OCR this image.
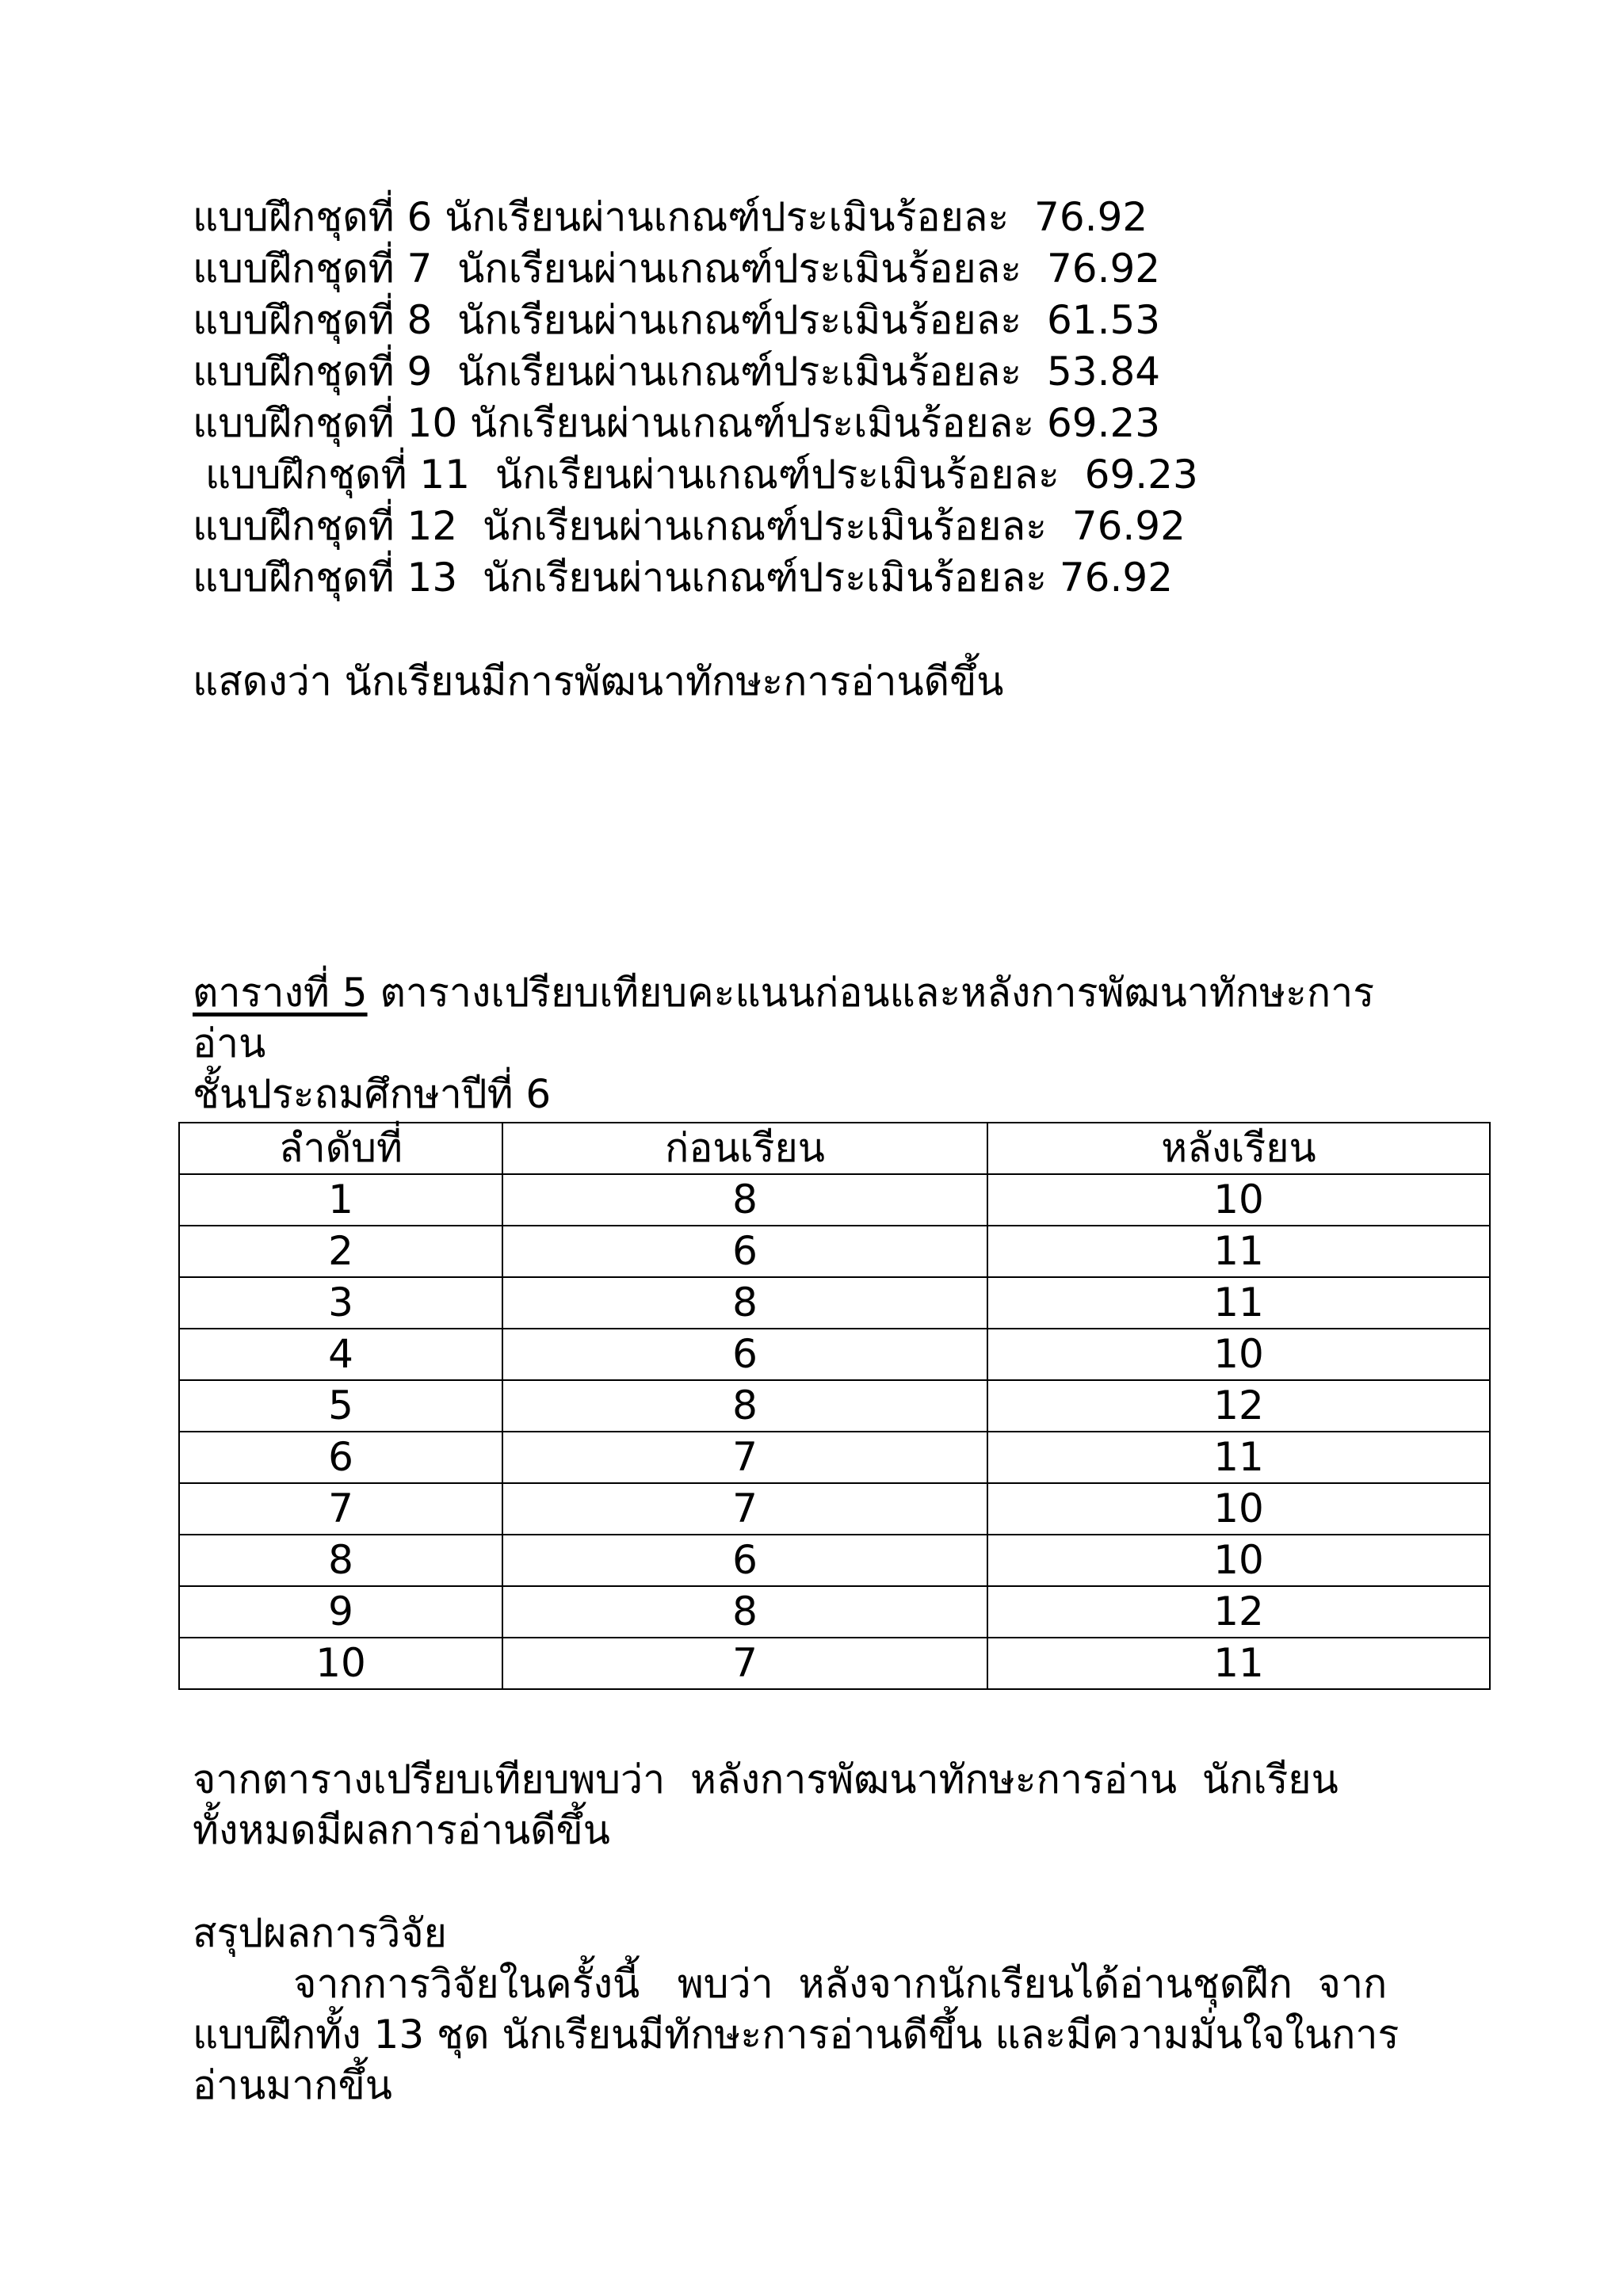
แบบฝึกชุดที่ 6 นักเรียนผ่านเกณฑ์ประเมินร้อยละ  76.92
แบบฝึกชุดที่ 7  นักเรียนผ่านเกณฑ์ประเมินร้อยละ  76.92
แบบฝึกชุดที่ 8  นักเรียนผ่านเกณฑ์ประเมินร้อยละ  61.53
แบบฝึกชุดที่ 9  นักเรียนผ่านเกณฑ์ประเมินร้อยละ  53.84
แบบฝึกชุดที่ 10 นักเรียนผ่านเกณฑ์ประเมินร้อยละ 69.23
แบบฝึกชุดที่ 11  นักเรียนผ่านเกณฑ์ประเมินร้อยละ  69.23
แบบฝึกชุดที่ 12  นักเรียนผ่านเกณฑ์ประเมินร้อยละ  76.92
แบบฝึกชุดที่ 13  นักเรียนผ่านเกณฑ์ประเมินร้อยละ 76.92
แสดงว่า นักเรียนมีการพัฒนาทักษะการอ่านดีขึ้น
ตารางที่ 5 ตารางเปรียบเทียบคะแนนก่อนและหลังการพัฒนาทักษะการ
อ่าน
ชั้นประถมศึกษาปีที่ 6
ลำดับที่	ก่อนเรียน	หลังเรียน
1	8	10
2	6	11
3	8	11
4	6	10
5	8	12
6	7	11
7	7	10
8	6	10
9	8	12
10	7	11
จากตารางเปรียบเทียบพบว่า  หลังการพัฒนาทักษะการอ่าน  นักเรียน
ทั้งหมดมีผลการอ่านดีขึ้น
สรุปผลการวิจัย
จากการวิจัยในครั้งนี้   พบว่า  หลังจากนักเรียนได้อ่านชุดฝึก  จาก
แบบฝึกทั้ง 13 ชุด นักเรียนมีทักษะการอ่านดีขึ้น และมีความมั่นใจในการ
อ่านมากขึ้น
